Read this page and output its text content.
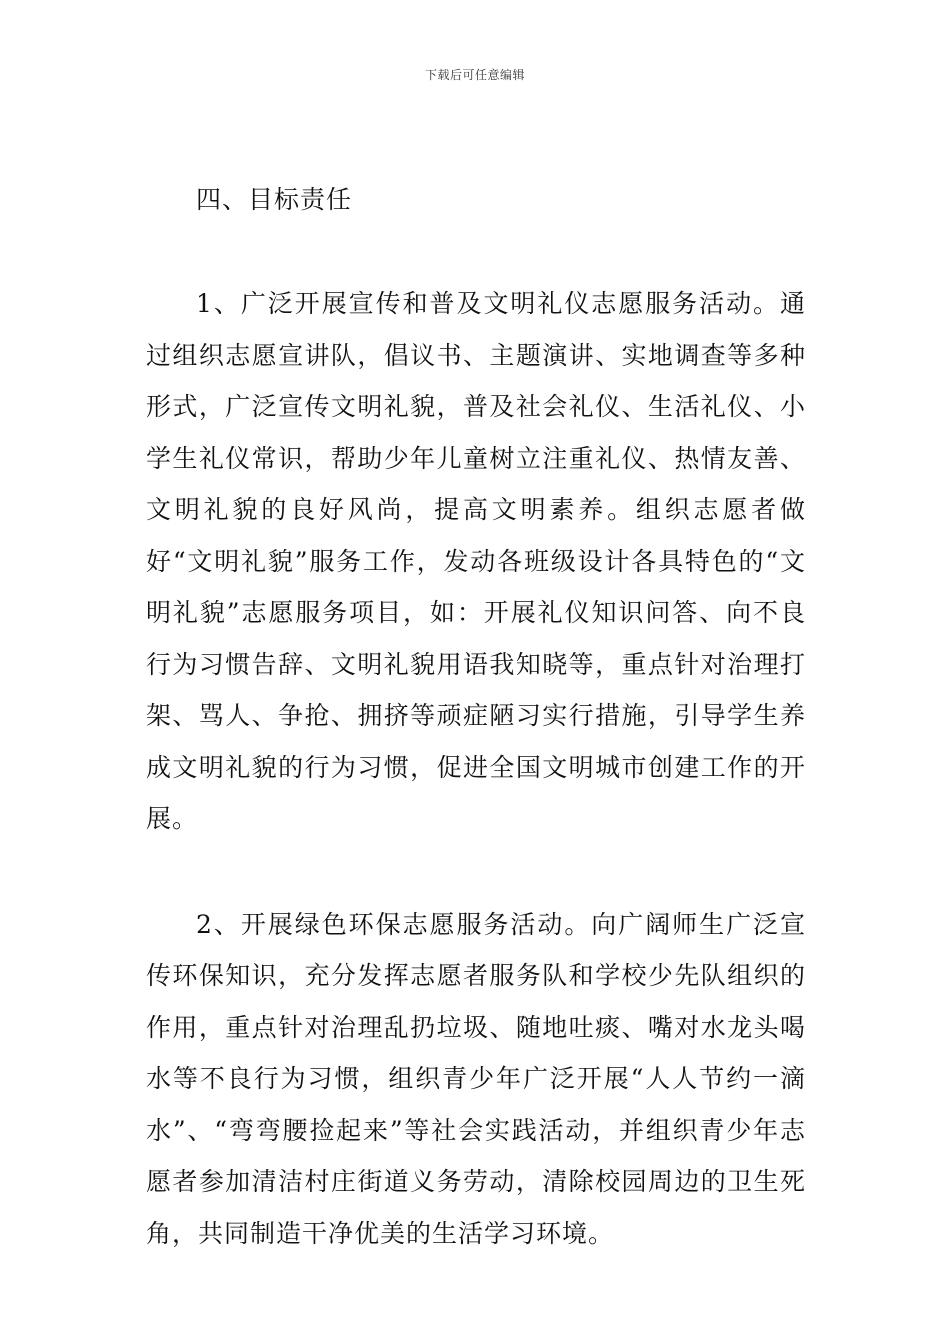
下载后可任意编辑
四、目标责任

1、广泛开展宣传和普及文明礼仪志愿服务活动。通过组织志愿宣讲队，倡议书、主题演讲、实地调查等多种形式，广泛宣传文明礼貌，普及社会礼仪、生活礼仪、小学生礼仪常识，帮助少年儿童树立注重礼仪、热情友善、文明礼貌的良好风尚，提高文明素养。组织志愿者做好“文明礼貌”服务工作，发动各班级设计各具特色的“文明礼貌”志愿服务项目，如：开展礼仪知识问答、向不良行为习惯告辞、文明礼貌用语我知晓等，重点针对治理打架、骂人、争抢、拥挤等顽症陋习实行措施，引导学生养成文明礼貌的行为习惯，促进全国文明城市创建工作的开展。

2、开展绿色环保志愿服务活动。向广阔师生广泛宣传环保知识，充分发挥志愿者服务队和学校少先队组织的作用，重点针对治理乱扔垃圾、随地吐痰、嘴对水龙头喝水等不良行为习惯，组织青少年广泛开展“人人节约一滴水”、“弯弯腰捡起来”等社会实践活动，并组织青少年志愿者参加清洁村庄街道义务劳动，清除校园周边的卫生死角，共同制造干净优美的生活学习环境。
